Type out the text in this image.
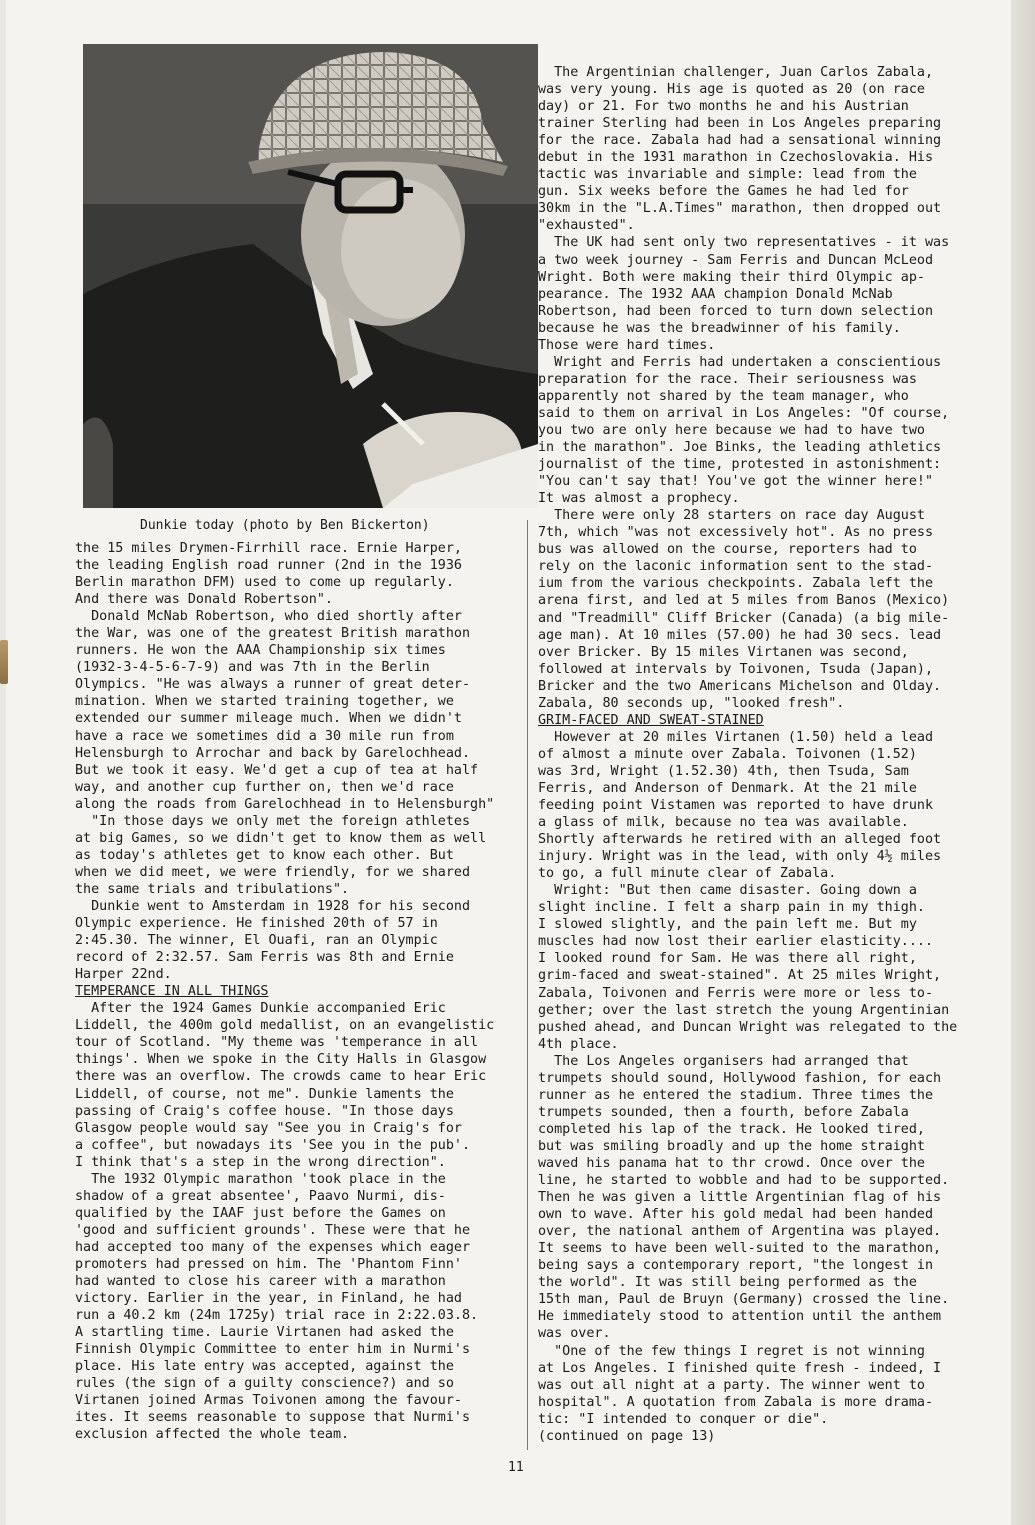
Dunkie today (photo by Ben Bickerton)

the 15 miles Drymen-Firrhill race. Ernie Harper,

the leading English road runner (2nd in the 1936

Berlin marathon DFM) used to come up regularly.

And there was Donald Robertson".

Donald McNab Robertson, who died shortly after

the War, was one of the greatest British marathon

runners. He won the AAA Championship six times

(1932-3-4-5-6-7-9) and was 7th in the Berlin

Olympics. "He was always a runner of great deter-

mination. When we started training together, we

extended our summer mileage much. When we didn't

have a race we sometimes did a 30 mile run from

Helensburgh to Arrochar and back by Garelochhead.

But we took it easy. We'd get a cup of tea at half

way, and another cup further on, then we'd race

along the roads from Garelochhead in to Helensburgh"

"In those days we only met the foreign athletes

at big Games, so we didn't get to know them as well

as today's athletes get to know each other. But

when we did meet, we were friendly, for we shared

the same trials and tribulations".

Dunkie went to Amsterdam in 1928 for his second

Olympic experience. He finished 20th of 57 in

2:45.30. The winner, El Ouafi, ran an Olympic

record of 2:32.57. Sam Ferris was 8th and Ernie

Harper 22nd.

TEMPERANCE IN ALL THINGS

After the 1924 Games Dunkie accompanied Eric

Liddell, the 400m gold medallist, on an evangelistic

tour of Scotland. "My theme was 'temperance in all

things'. When we spoke in the City Halls in Glasgow

there was an overflow. The crowds came to hear Eric

Liddell, of course, not me". Dunkie laments the

passing of Craig's coffee house. "In those days

Glasgow people would say "See you in Craig's for

a coffee", but nowadays its 'See you in the pub'.

I think that's a step in the wrong direction".

The 1932 Olympic marathon 'took place in the

shadow of a great absentee', Paavo Nurmi, dis-

qualified by the IAAF just before the Games on

'good and sufficient grounds'. These were that he

had accepted too many of the expenses which eager

promoters had pressed on him. The 'Phantom Finn'

had wanted to close his career with a marathon

victory. Earlier in the year, in Finland, he had

run a 40.2 km (24m 1725y) trial race in 2:22.03.8.

A startling time. Laurie Virtanen had asked the

Finnish Olympic Committee to enter him in Nurmi's

place. His late entry was accepted, against the

rules (the sign of a guilty conscience?) and so

Virtanen joined Armas Toivonen among the favour-

ites. It seems reasonable to suppose that Nurmi's

exclusion affected the whole team.

The Argentinian challenger, Juan Carlos Zabala,

was very young. His age is quoted as 20 (on race

day) or 21. For two months he and his Austrian

trainer Sterling had been in Los Angeles preparing

for the race. Zabala had had a sensational winning

debut in the 1931 marathon in Czechoslovakia. His

tactic was invariable and simple: lead from the

gun. Six weeks before the Games he had led for

30km in the "L.A.Times" marathon, then dropped out

"exhausted".

The UK had sent only two representatives - it was

a two week journey - Sam Ferris and Duncan McLeod

Wright. Both were making their third Olympic ap-

pearance. The 1932 AAA champion Donald McNab

Robertson, had been forced to turn down selection

because he was the breadwinner of his family.

Those were hard times.

Wright and Ferris had undertaken a conscientious

preparation for the race. Their seriousness was

apparently not shared by the team manager, who

said to them on arrival in Los Angeles: "Of course,

you two are only here because we had to have two

in the marathon". Joe Binks, the leading athletics

journalist of the time, protested in astonishment:

"You can't say that! You've got the winner here!"

It was almost a prophecy.

There were only 28 starters on race day August

7th, which "was not excessively hot". As no press

bus was allowed on the course, reporters had to

rely on the laconic information sent to the stad-

ium from the various checkpoints. Zabala left the

arena first, and led at 5 miles from Banos (Mexico)

and "Treadmill" Cliff Bricker (Canada) (a big mile-

age man). At 10 miles (57.00) he had 30 secs. lead

over Bricker. By 15 miles Virtanen was second,

followed at intervals by Toivonen, Tsuda (Japan),

Bricker and the two Americans Michelson and Olday.

Zabala, 80 seconds up, "looked fresh".

GRIM-FACED AND SWEAT-STAINED

However at 20 miles Virtanen (1.50) held a lead

of almost a minute over Zabala. Toivonen (1.52)

was 3rd, Wright (1.52.30) 4th, then Tsuda, Sam

Ferris, and Anderson of Denmark. At the 21 mile

feeding point Vistamen was reported to have drunk

a glass of milk, because no tea was available.

Shortly afterwards he retired with an alleged foot

injury. Wright was in the lead, with only 4½ miles

to go, a full minute clear of Zabala.

Wright: "But then came disaster. Going down a

slight incline. I felt a sharp pain in my thigh.

I slowed slightly, and the pain left me. But my

muscles had now lost their earlier elasticity....

I looked round for Sam. He was there all right,

grim-faced and sweat-stained". At 25 miles Wright,

Zabala, Toivonen and Ferris were more or less to-

gether; over the last stretch the young Argentinian

pushed ahead, and Duncan Wright was relegated to the

4th place.

The Los Angeles organisers had arranged that

trumpets should sound, Hollywood fashion, for each

runner as he entered the stadium. Three times the

trumpets sounded, then a fourth, before Zabala

completed his lap of the track. He looked tired,

but was smiling broadly and up the home straight

waved his panama hat to thr crowd. Once over the

line, he started to wobble and had to be supported.

Then he was given a little Argentinian flag of his

own to wave. After his gold medal had been handed

over, the national anthem of Argentina was played.

It seems to have been well-suited to the marathon,

being says a contemporary report, "the longest in

the world". It was still being performed as the

15th man, Paul de Bruyn (Germany) crossed the line.

He immediately stood to attention until the anthem

was over.

"One of the few things I regret is not winning

at Los Angeles. I finished quite fresh - indeed, I

was out all night at a party. The winner went to

hospital". A quotation from Zabala is more drama-

tic: "I intended to conquer or die".

(continued on page 13)

11
